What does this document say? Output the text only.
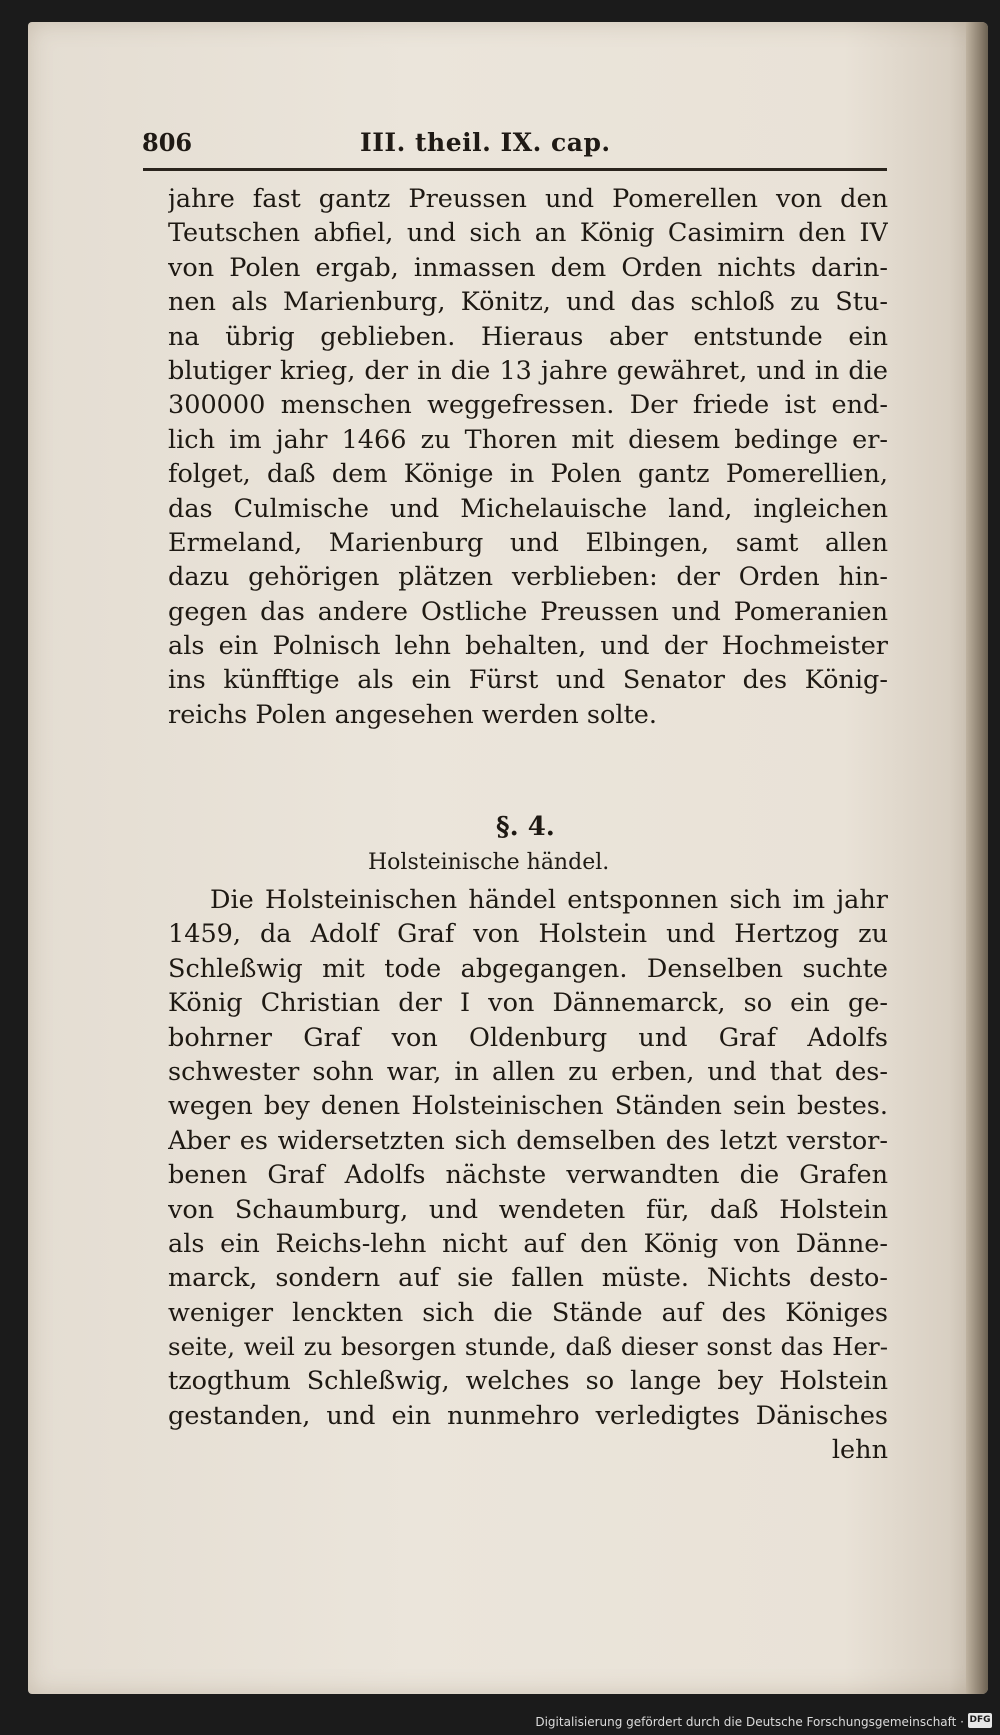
806	III. theil. IX. cap.
jahre fast gantz Preussen und Pomerellen von den
Teutschen abfiel, und sich an König Casimirn den IV
von Polen ergab, inmassen dem Orden nichts darin-
nen als Marienburg, Könitz, und das schloß zu Stu-
na übrig geblieben. Hieraus aber entstunde ein
blutiger krieg, der in die 13 jahre gewähret, und in die
300000 menschen weggefressen. Der friede ist end-
lich im jahr 1466 zu Thoren mit diesem bedinge er-
folget, daß dem Könige in Polen gantz Pomerellien,
das Culmische und Michelauische land, ingleichen
Ermeland, Marienburg und Elbingen, samt allen
dazu gehörigen plätzen verblieben: der Orden hin-
gegen das andere Ostliche Preussen und Pomeranien
als ein Polnisch lehn behalten, und der Hochmeister
ins künfftige als ein Fürst und Senator des König-
reichs Polen angesehen werden solte.
§. 4.
Holsteinische händel.
Die Holsteinischen händel entsponnen sich im jahr
1459, da Adolf Graf von Holstein und Hertzog zu
Schleßwig mit tode abgegangen. Denselben suchte
König Christian der I von Dännemarck, so ein ge-
bohrner Graf von Oldenburg und Graf Adolfs
schwester sohn war, in allen zu erben, und that des-
wegen bey denen Holsteinischen Ständen sein bestes.
Aber es widersetzten sich demselben des letzt verstor-
benen Graf Adolfs nächste verwandten die Grafen
von Schaumburg, und wendeten für, daß Holstein
als ein Reichs-lehn nicht auf den König von Dänne-
marck, sondern auf sie fallen müste. Nichts desto-
weniger lenckten sich die Stände auf des Königes
seite, weil zu besorgen stunde, daß dieser sonst das Her-
tzogthum Schleßwig, welches so lange bey Holstein
gestanden, und ein nunmehro verledigtes Dänisches
lehn
Digitalisierung gefördert durch die Deutsche Forschungsgemeinschaft · DFG
